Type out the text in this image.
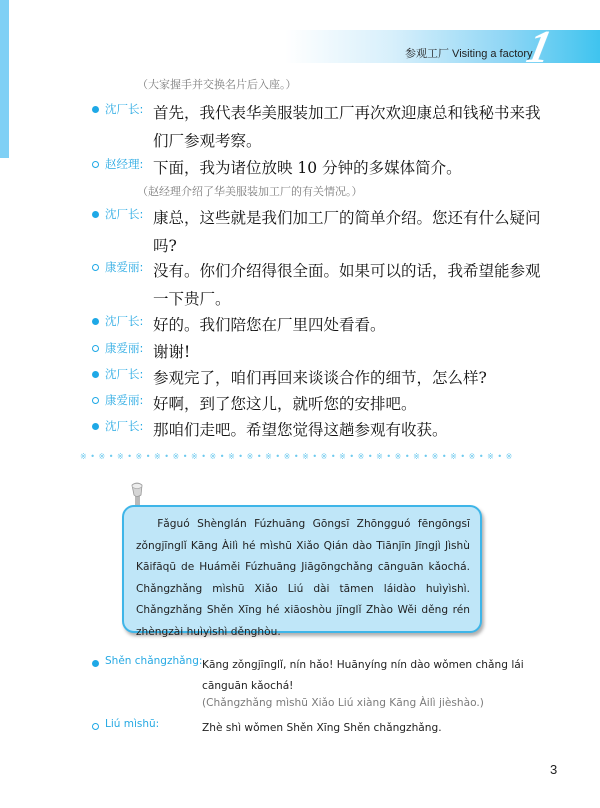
参观工厂 Visiting a factory
1
（大家握手并交换名片后入座。）
沈厂长: 首先，我代表华美服装加工厂再次欢迎康总和钱秘书来我们厂参观考察。
赵经理: 下面，我为诸位放映 10 分钟的多媒体简介。
（赵经理介绍了华美服装加工厂的有关情况。）
沈厂长: 康总，这些就是我们加工厂的简单介绍。您还有什么疑问吗?
康爱丽: 没有。你们介绍得很全面。如果可以的话，我希望能参观一下贵厂。
沈厂长: 好的。我们陪您在厂里四处看看。
康爱丽: 谢谢!
沈厂长: 参观完了，咱们再回来谈谈合作的细节，怎么样?
康爱丽: 好啊，到了您这儿，就听您的安排吧。
沈厂长: 那咱们走吧。希望您觉得这趟参观有收获。
※ • ※ • ※ • ※ • ※ • ※ • ※ • ※ • ※ • ※ • ※ • ※ • ※ • ※ • ※ • ※ • ※ • ※ • ※ • ※ • ※ • ※ • ※ • ※
Fǎguó Shènglán Fúzhuāng Gōngsī Zhōngguó fēngōngsī zǒngjīnglǐ Kāng Àilì hé mìshū Xiǎo Qián dào Tiānjīn Jīngjì Jìshù Kāifāqū de Huáměi Fúzhuāng Jiāgōngchǎng cānguān kǎochá. Chǎngzhǎng mìshū Xiǎo Liú dài tāmen láidào huìyìshì. Chǎngzhǎng Shěn Xīng hé xiāoshòu jīnglǐ Zhào Wěi děng rén zhèngzài huìyìshì děnghòu.
Shěn chǎngzhǎng: Kāng zǒngjīnglǐ, nín hǎo! Huānyíng nín dào wǒmen chǎng lái cānguān kǎochá!
(Chǎngzhǎng mìshū Xiǎo Liú xiàng Kāng Àilì jièshào.)
Liú mìshū:	Zhè shì wǒmen Shěn Xīng Shěn chǎngzhǎng.
3
